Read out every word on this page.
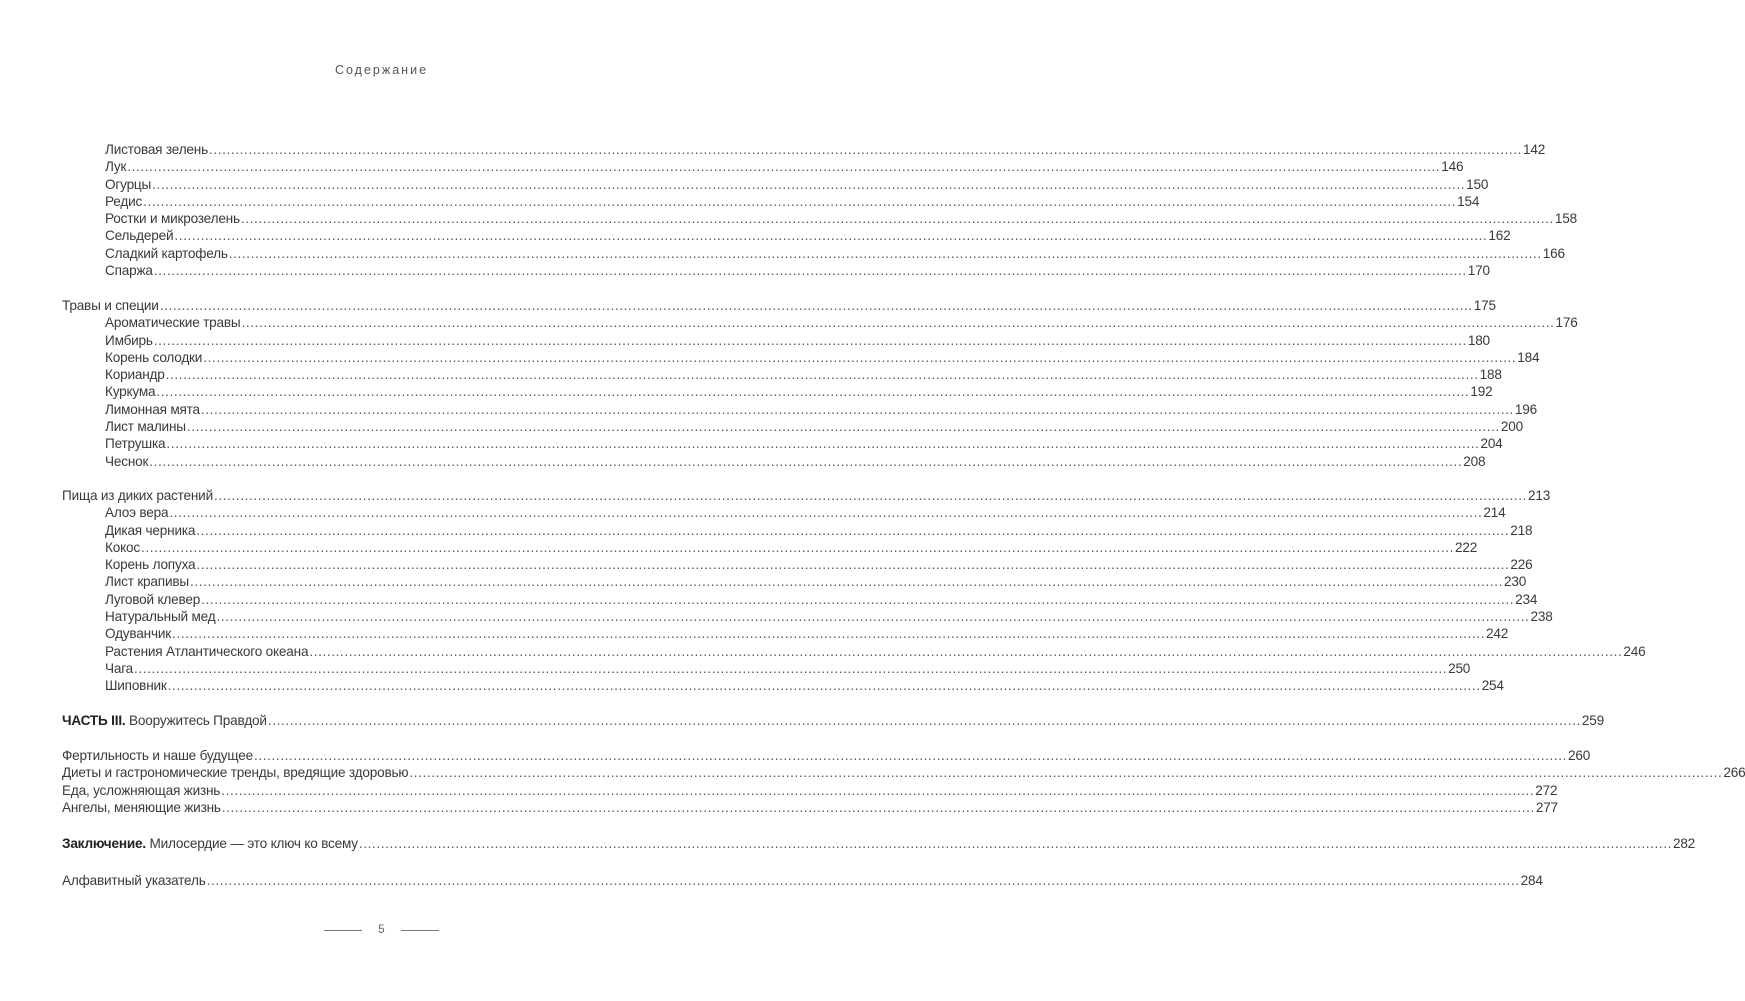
Содержание
Листовая зелень ............................................................................................................................................................................................................................................................................................................ 142
Лук ............................................................................................................................................................................................................................................................................................................ 146
Огурцы ............................................................................................................................................................................................................................................................................................................ 150
Редис ............................................................................................................................................................................................................................................................................................................ 154
Ростки и микрозелень ............................................................................................................................................................................................................................................................................................................ 158
Сельдерей ............................................................................................................................................................................................................................................................................................................ 162
Сладкий картофель ............................................................................................................................................................................................................................................................................................................ 166
Спаржа ............................................................................................................................................................................................................................................................................................................ 170
Травы и специи ............................................................................................................................................................................................................................................................................................................ 175
Ароматические травы ............................................................................................................................................................................................................................................................................................................ 176
Имбирь ............................................................................................................................................................................................................................................................................................................ 180
Корень солодки ............................................................................................................................................................................................................................................................................................................ 184
Кориандр ............................................................................................................................................................................................................................................................................................................ 188
Куркума ............................................................................................................................................................................................................................................................................................................ 192
Лимонная мята ............................................................................................................................................................................................................................................................................................................ 196
Лист малины ............................................................................................................................................................................................................................................................................................................ 200
Петрушка ............................................................................................................................................................................................................................................................................................................ 204
Чеснок ............................................................................................................................................................................................................................................................................................................ 208
Пища из диких растений ............................................................................................................................................................................................................................................................................................................ 213
Алоэ вера ............................................................................................................................................................................................................................................................................................................ 214
Дикая черника ............................................................................................................................................................................................................................................................................................................ 218
Кокос ............................................................................................................................................................................................................................................................................................................ 222
Корень лопуха ............................................................................................................................................................................................................................................................................................................ 226
Лист крапивы ............................................................................................................................................................................................................................................................................................................ 230
Луговой клевер ............................................................................................................................................................................................................................................................................................................ 234
Натуральный мед ............................................................................................................................................................................................................................................................................................................ 238
Одуванчик ............................................................................................................................................................................................................................................................................................................ 242
Растения Атлантического океана ............................................................................................................................................................................................................................................................................................................ 246
Чага ............................................................................................................................................................................................................................................................................................................ 250
Шиповник ............................................................................................................................................................................................................................................................................................................ 254
ЧАСТЬ III. Вооружитесь Правдой ............................................................................................................................................................................................................................................................................................................ 259
Фертильность и наше будущее ............................................................................................................................................................................................................................................................................................................ 260
Диеты и гастрономические тренды, вредящие здоровью ............................................................................................................................................................................................................................................................................................................ 266
Еда, усложняющая жизнь ............................................................................................................................................................................................................................................................................................................ 272
Ангелы, меняющие жизнь ............................................................................................................................................................................................................................................................................................................ 277
Заключение. Милосердие — это ключ ко всему ............................................................................................................................................................................................................................................................................................................ 282
Алфавитный указатель ............................................................................................................................................................................................................................................................................................................ 284
5
